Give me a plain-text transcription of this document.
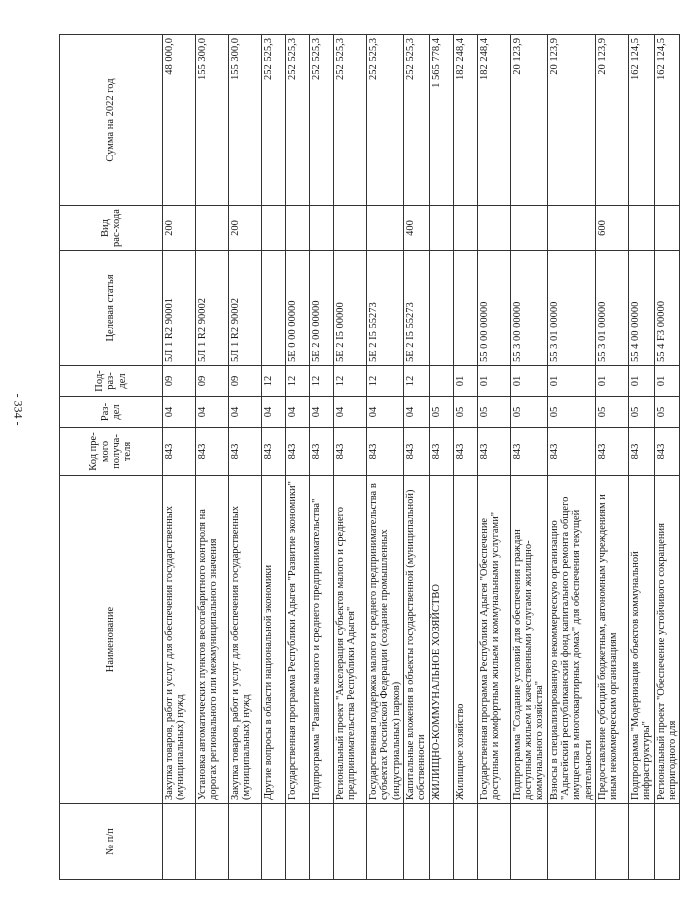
- 334 -
№ п/п	Наименование	Код пре-мого получа-теля	Раз-дел	Под-раз-дел	Целевая статья	Вид рас-хода	Сумма на 2022 год
	Закупка товаров, работ и услуг для обеспечения государственных (муниципальных) нужд	843	04	09	5Л 1 R2 90001	200	48 000,0
	Установка автоматических пунктов весогабаритного контроля на дорогах регионального или межмуниципального значения	843	04	09	5Л 1 R2 90002		155 300,0
	Закупка товаров, работ и услуг для обеспечения государственных (муниципальных) нужд	843	04	09	5Л 1 R2 90002	200	155 300,0
	Другие вопросы в области национальной экономики	843	04	12			252 525,3
	Государственная программа Республики Адыгея "Развитие экономики"	843	04	12	5Е 0 00 00000		252 525,3
	Подпрограмма "Развитие малого и среднего предпринимательства"	843	04	12	5Е 2 00 00000		252 525,3
	Региональный проект "Акселерация субъектов малого и среднего предпринимательства Республики Адыгея"	843	04	12	5Е 2 I5 00000		252 525,3
	Государственная поддержка малого и среднего предпринимательства в субъектах Российской Федерации (создание промышленных (индустриальных) парков)	843	04	12	5Е 2 I5 55273		252 525,3
	Капитальные вложения в объекты государственной (муниципальной) собственности	843	04	12	5Е 2 I5 55273	400	252 525,3
	ЖИЛИЩНО-КОММУНАЛЬНОЕ ХОЗЯЙСТВО	843	05				1 565 778,4
	Жилищное хозяйство	843	05	01			182 248,4
	Государственная программа Республики Адыгея "Обеспечение доступным и комфортным жильем и коммунальными услугами"	843	05	01	55 0 00 00000		182 248,4
	Подпрограмма "Создание условий для обеспечения граждан доступным жильем и качественными услугами жилищно-коммунального хозяйства"	843	05	01	55 3 00 00000		20 123,9
	Взносы в специализированную некоммерческую организацию "Адыгейский республиканский фонд капитального ремонта общего имущества в многоквартирных домах" для обеспечения текущей деятельности	843	05	01	55 3 01 00000		20 123,9
	Предоставление субсидий бюджетным, автономным учреждениям и иным некоммерческим организациям	843	05	01	55 3 01 00000	600	20 123,9
	Подпрограмма "Модернизация объектов коммунальной инфраструктуры"	843	05	01	55 4 00 00000		162 124,5
	Региональный проект "Обеспечение устойчивого сокращения непригодного для	843	05	01	55 4 F3 00000		162 124,5
